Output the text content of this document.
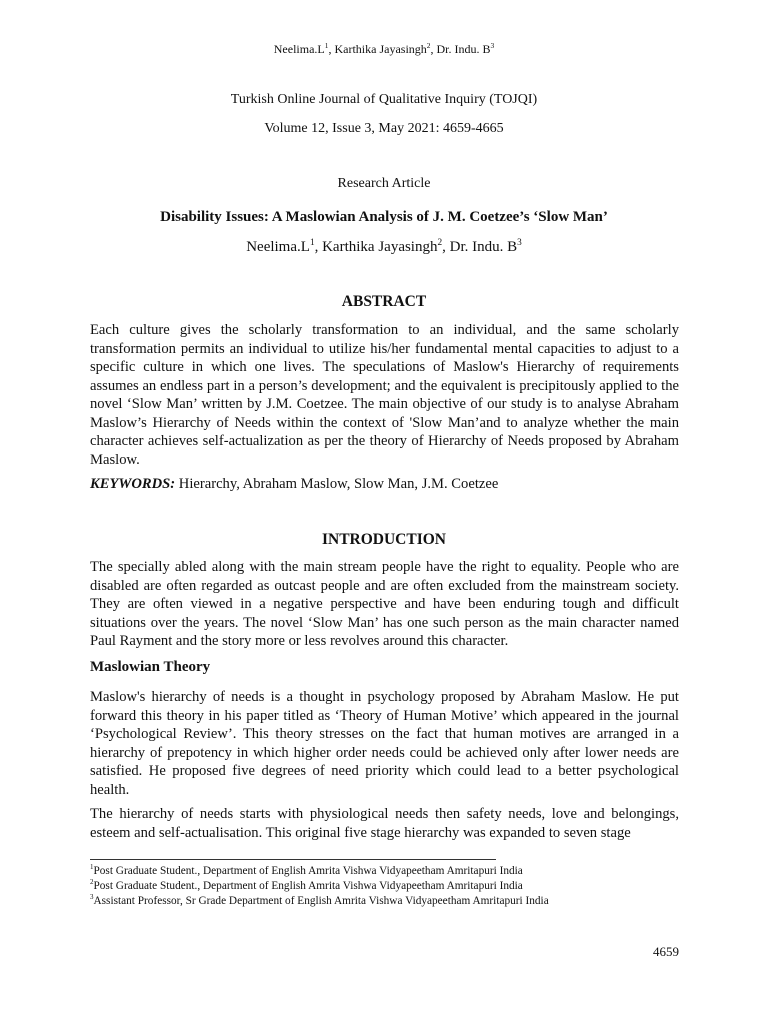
$Neelima.L^1$, Karthika Jayasingh$^2$, Dr. Indu. $B^3$
Turkish Online Journal of Qualitative Inquiry (TOJQI)
Volume 12, Issue 3, May 2021: 4659-4665
Research Article
Disability Issues: A Maslowian Analysis of J. M. Coetzee’s ‘Slow Man’
$Neelima.L^1$, Karthika Jayasingh$^2$, Dr. Indu. $B^3$
ABSTRACT

Each culture gives the scholarly transformation to an individual, and the same scholarly transformation permits an individual to utilize his/her fundamental mental capacities to adjust to a specific culture in which one lives. The speculations of Maslow's Hierarchy of requirements assumes an endless part in a person’s development; and the equivalent is precipitously applied to the novel ‘Slow Man’ written by J.M. Coetzee. The main objective of our study is to analyse Abraham Maslow’s Hierarchy of Needs within the context of 'Slow Man’and to analyze whether the main character achieves self-actualization as per the theory of Hierarchy of Needs proposed by Abraham Maslow.

KEYWORDS: Hierarchy, Abraham Maslow, Slow Man, J.M. Coetzee
INTRODUCTION

The specially abled along with the main stream people have the right to equality. People who are disabled are often regarded as outcast people and are often excluded from the mainstream society. They are often viewed in a negative perspective and have been enduring tough and difficult situations over the years. The novel ‘Slow Man’ has one such person as the main character named Paul Rayment and the story more or less revolves around this character.

Maslowian Theory

Maslow's hierarchy of needs is a thought in psychology proposed by Abraham Maslow. He put forward this theory in his paper titled as ‘Theory of Human Motive’ which appeared in the journal ‘Psychological Review’. This theory stresses on the fact that human motives are arranged in a hierarchy of prepotency in which higher order needs could be achieved only after lower needs are satisfied. He proposed five degrees of need priority which could lead to a better psychological health.

The hierarchy of needs starts with physiological needs then safety needs, love and belongings, esteem and self-actualisation. This original five stage hierarchy was expanded to seven stage

$^1$Post Graduate Student., Department of English Amrita Vishwa Vidyapeetham Amritapuri India

$^2$Post Graduate Student., Department of English Amrita Vishwa Vidyapeetham Amritapuri India

$^3$Assistant Professor, Sr Grade Department of English Amrita Vishwa Vidyapeetham Amritapuri India

4659
